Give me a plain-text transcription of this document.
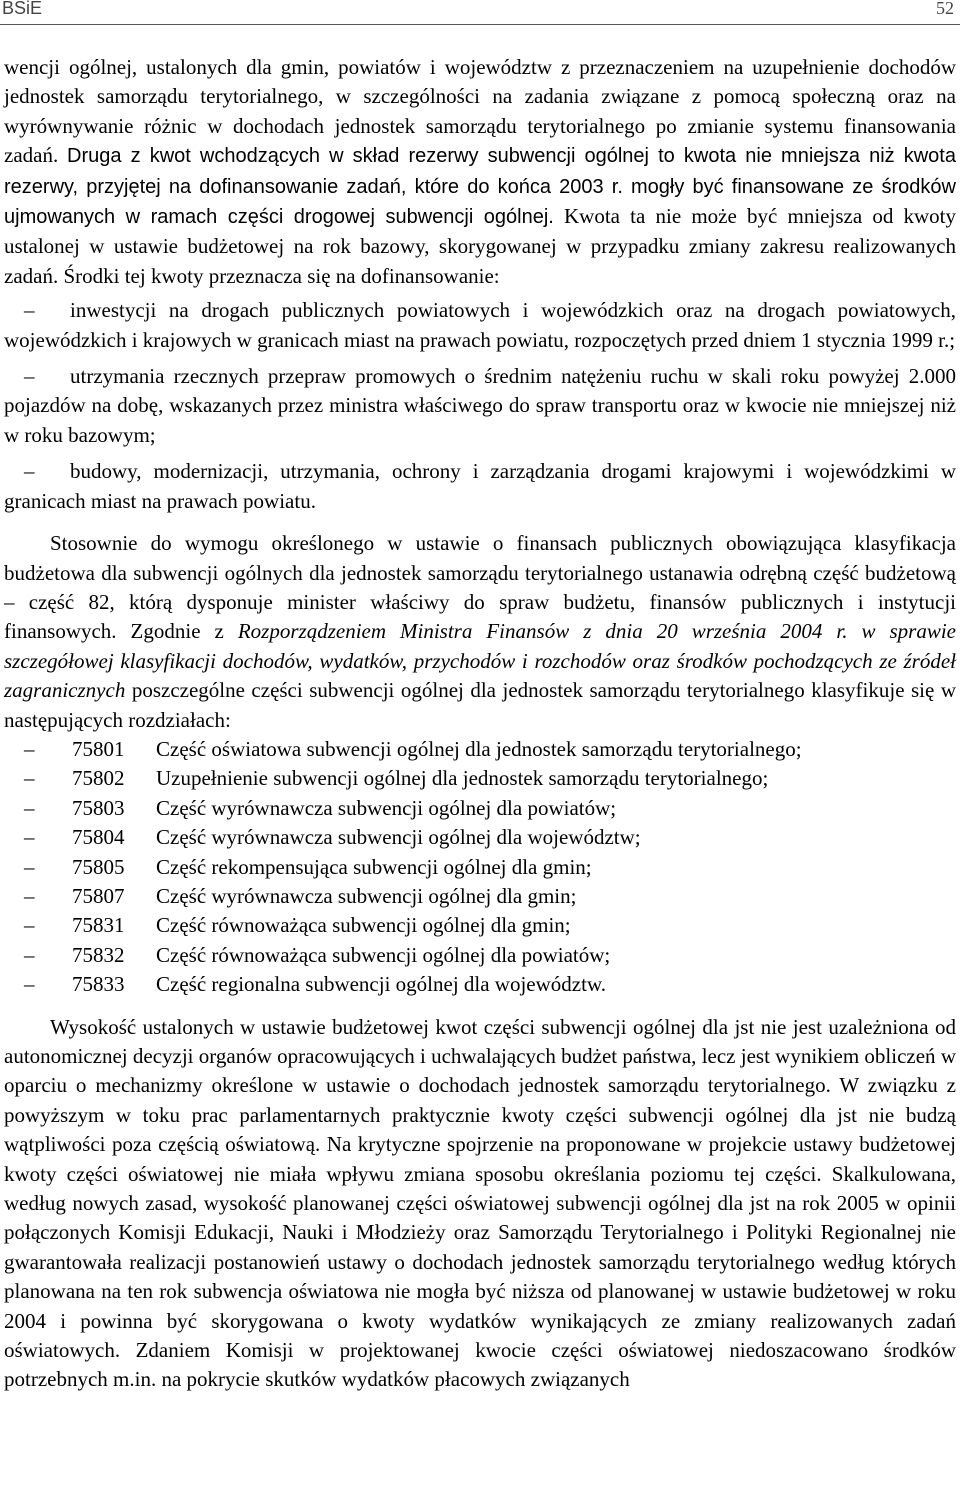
BSiE	52

wencji ogólnej, ustalonych dla gmin, powiatów i województw z przeznaczeniem na uzupełnienie dochodów jednostek samorządu terytorialnego, w szczególności na zadania związane z pomocą społeczną oraz na wyrównywanie różnic w dochodach jednostek samorządu terytorialnego po zmianie systemu finansowania zadań. Druga z kwot wchodzących w skład rezerwy subwencji ogólnej to kwota nie mniejsza niż kwota rezerwy, przyjętej na dofinansowanie zadań, które do końca 2003 r. mogły być finansowane ze środków ujmowanych w ramach części drogowej subwencji ogólnej. Kwota ta nie może być mniejsza od kwoty ustalonej w ustawie budżetowej na rok bazowy, skorygowanej w przypadku zmiany zakresu realizowanych zadań. Środki tej kwoty przeznacza się na dofinansowanie:

– inwestycji na drogach publicznych powiatowych i wojewódzkich oraz na drogach powiatowych, wojewódzkich i krajowych w granicach miast na prawach powiatu, rozpoczętych przed dniem 1 stycznia 1999 r.;

– utrzymania rzecznych przepraw promowych o średnim natężeniu ruchu w skali roku powyżej 2.000 pojazdów na dobę, wskazanych przez ministra właściwego do spraw transportu oraz w kwocie nie mniejszej niż w roku bazowym;

– budowy, modernizacji, utrzymania, ochrony i zarządzania drogami krajowymi i wojewódzkimi w granicach miast na prawach powiatu.

Stosownie do wymogu określonego w ustawie o finansach publicznych obowiązująca klasyfikacja budżetowa dla subwencji ogólnych dla jednostek samorządu terytorialnego ustanawia odrębną część budżetową – część 82, którą dysponuje minister właściwy do spraw budżetu, finansów publicznych i instytucji finansowych. Zgodnie z Rozporządzeniem Ministra Finansów z dnia 20 września 2004 r. w sprawie szczegółowej klasyfikacji dochodów, wydatków, przychodów i rozchodów oraz środków pochodzących ze źródeł zagranicznych poszczególne części subwencji ogólnej dla jednostek samorządu terytorialnego klasyfikuje się w następujących rozdziałach:

– 75801 Część oświatowa subwencji ogólnej dla jednostek samorządu terytorialnego;
– 75802 Uzupełnienie subwencji ogólnej dla jednostek samorządu terytorialnego;
– 75803 Część wyrównawcza subwencji ogólnej dla powiatów;
– 75804 Część wyrównawcza subwencji ogólnej dla województw;
– 75805 Część rekompensująca subwencji ogólnej dla gmin;
– 75807 Część wyrównawcza subwencji ogólnej dla gmin;
– 75831 Część równoważąca subwencji ogólnej dla gmin;
– 75832 Część równoważąca subwencji ogólnej dla powiatów;
– 75833 Część regionalna subwencji ogólnej dla województw.

Wysokość ustalonych w ustawie budżetowej kwot części subwencji ogólnej dla jst nie jest uzależniona od autonomicznej decyzji organów opracowujących i uchwalających budżet państwa, lecz jest wynikiem obliczeń w oparciu o mechanizmy określone w ustawie o dochodach jednostek samorządu terytorialnego. W związku z powyższym w toku prac parlamentarnych praktycznie kwoty części subwencji ogólnej dla jst nie budzą wątpliwości poza częścią oświatową. Na krytyczne spojrzenie na proponowane w projekcie ustawy budżetowej kwoty części oświatowej nie miała wpływu zmiana sposobu określania poziomu tej części. Skalkulowana, według nowych zasad, wysokość planowanej części oświatowej subwencji ogólnej dla jst na rok 2005 w opinii połączonych Komisji Edukacji, Nauki i Młodzieży oraz Samorządu Terytorialnego i Polityki Regionalnej nie gwarantowała realizacji postanowień ustawy o dochodach jednostek samorządu terytorialnego według których planowana na ten rok subwencja oświatowa nie mogła być niższa od planowanej w ustawie budżetowej w roku 2004 i powinna być skorygowana o kwoty wydatków wynikających ze zmiany realizowanych zadań oświatowych. Zdaniem Komisji w projektowanej kwocie części oświatowej niedoszacowano środków potrzebnych m.in. na pokrycie skutków wydatków płacowych związanych
